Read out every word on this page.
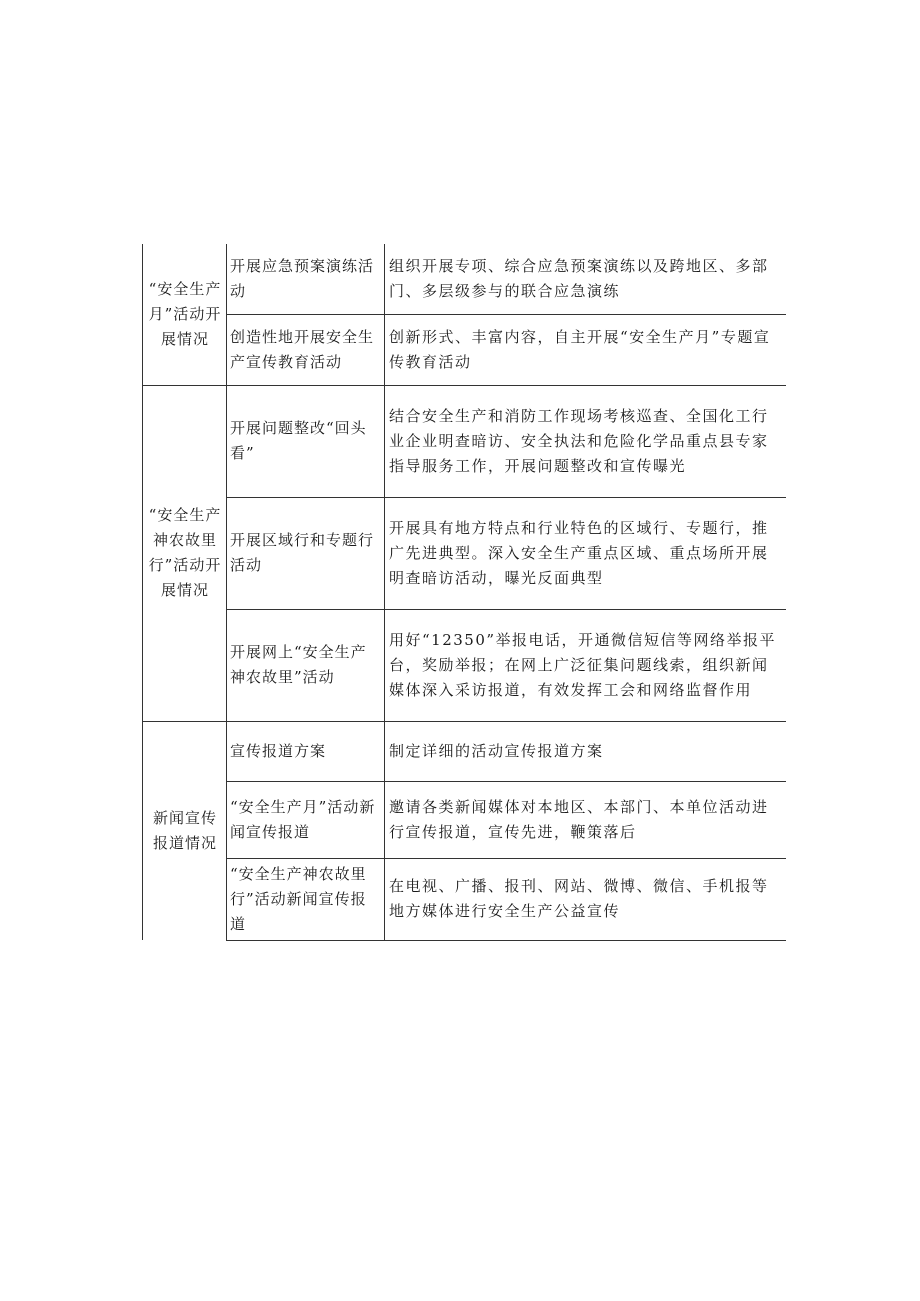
“安全生产月”活动开展情况	开展应急预案演练活动	组织开展专项、综合应急预案演练以及跨地区、多部门、多层级参与的联合应急演练
	创造性地开展安全生产宣传教育活动	创新形式、丰富内容，自主开展“安全生产月”专题宣传教育活动
“安全生产神农故里行”活动开展情况	开展问题整改“回头看”	结合安全生产和消防工作现场考核巡查、全国化工行业企业明查暗访、安全执法和危险化学品重点县专家指导服务工作，开展问题整改和宣传曝光
	开展区域行和专题行活动	开展具有地方特点和行业特色的区域行、专题行，推广先进典型。深入安全生产重点区域、重点场所开展明查暗访活动，曝光反面典型
	开展网上“安全生产神农故里”活动	用好“12350”举报电话，开通微信短信等网络举报平台，奖励举报；在网上广泛征集问题线索，组织新闻媒体深入采访报道，有效发挥工会和网络监督作用
新闻宣传报道情况	宣传报道方案	制定详细的活动宣传报道方案
	“安全生产月”活动新闻宣传报道	邀请各类新闻媒体对本地区、本部门、本单位活动进行宣传报道，宣传先进，鞭策落后
	“安全生产神农故里行”活动新闻宣传报道	在电视、广播、报刊、网站、微博、微信、手机报等地方媒体进行安全生产公益宣传
